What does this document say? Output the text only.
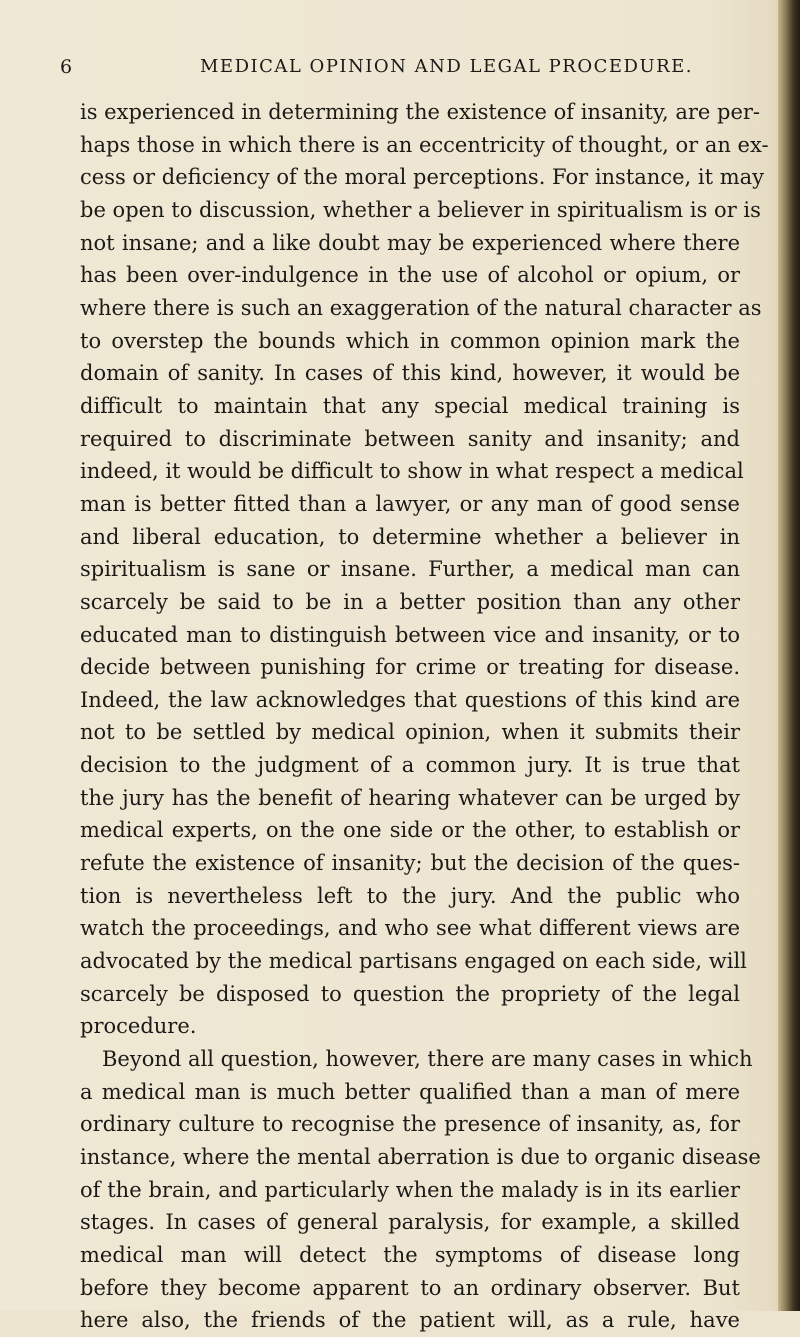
6	MEDICAL OPINION AND LEGAL PROCEDURE.
is experienced in determining the existence of insanity, are per-
haps those in which there is an eccentricity of thought, or an ex-
cess or deficiency of the moral perceptions. For instance, it may
be open to discussion, whether a believer in spiritualism is or is
not insane; and a like doubt may be experienced where there
has been over-indulgence in the use of alcohol or opium, or
where there is such an exaggeration of the natural character as
to overstep the bounds which in common opinion mark the
domain of sanity. In cases of this kind, however, it would be
difficult to maintain that any special medical training is
required to discriminate between sanity and insanity; and
indeed, it would be difficult to show in what respect a medical
man is better fitted than a lawyer, or any man of good sense
and liberal education, to determine whether a believer in
spiritualism is sane or insane. Further, a medical man can
scarcely be said to be in a better position than any other
educated man to distinguish between vice and insanity, or to
decide between punishing for crime or treating for disease.
Indeed, the law acknowledges that questions of this kind are
not to be settled by medical opinion, when it submits their
decision to the judgment of a common jury. It is true that
the jury has the benefit of hearing whatever can be urged by
medical experts, on the one side or the other, to establish or
refute the existence of insanity; but the decision of the ques-
tion is nevertheless left to the jury. And the public who
watch the proceedings, and who see what different views are
advocated by the medical partisans engaged on each side, will
scarcely be disposed to question the propriety of the legal
procedure.
Beyond all question, however, there are many cases in which
a medical man is much better qualified than a man of mere
ordinary culture to recognise the presence of insanity, as, for
instance, where the mental aberration is due to organic disease
of the brain, and particularly when the malady is in its earlier
stages. In cases of general paralysis, for example, a skilled
medical man will detect the symptoms of disease long
before they become apparent to an ordinary observer. But
here also, the friends of the patient will, as a rule, have
